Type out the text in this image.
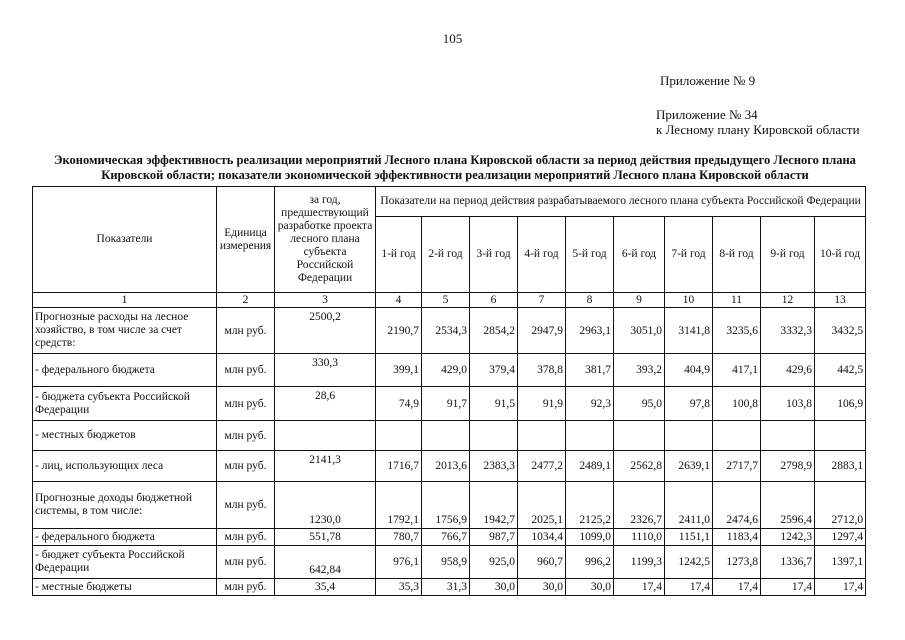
105
Приложение № 9
Приложение № 34
к Лесному плану Кировской области
Экономическая эффективность реализации мероприятий Лесного плана Кировской области за период действия предыдущего Лесного плана Кировской области; показатели экономической эффективности реализации мероприятий Лесного плана Кировской области
Показатели	Единица измерения	за год, предшествующий разработке проекта лесного плана субъекта Российской Федерации	Показатели на период действия разрабатываемого лесного плана субъекта Российской Федерации									
			1-й год	2-й год	3-й год	4-й год	5-й год	6-й год	7-й год	8-й год	9-й год	10-й год
1	2	3	4	5	6	7	8	9	10	11	12	13
Прогнозные расходы на лесное хозяйство, в том числе за счет средств:	млн руб.	2500,2	2190,7	2534,3	2854,2	2947,9	2963,1	3051,0	3141,8	3235,6	3332,3	3432,5
- федерального бюджета	млн руб.	330,3	399,1	429,0	379,4	378,8	381,7	393,2	404,9	417,1	429,6	442,5
- бюджета субъекта Российской Федерации	млн руб.	28,6	74,9	91,7	91,5	91,9	92,3	95,0	97,8	100,8	103,8	106,9
- местных бюджетов	млн руб.											
- лиц, использующих леса	млн руб.	2141,3	1716,7	2013,6	2383,3	2477,2	2489,1	2562,8	2639,1	2717,7	2798,9	2883,1
Прогнозные доходы бюджетной системы, в том числе:	млн руб.	1230,0	1792,1	1756,9	1942,7	2025,1	2125,2	2326,7	2411,0	2474,6	2596,4	2712,0
- федерального бюджета	млн руб.	551,78	780,7	766,7	987,7	1034,4	1099,0	1110,0	1151,1	1183,4	1242,3	1297,4
- бюджет субъекта Российской Федерации	млн руб.	642,84	976,1	958,9	925,0	960,7	996,2	1199,3	1242,5	1273,8	1336,7	1397,1
- местные бюджеты	млн руб.	35,4	35,3	31,3	30,0	30,0	30,0	17,4	17,4	17,4	17,4	17,4
